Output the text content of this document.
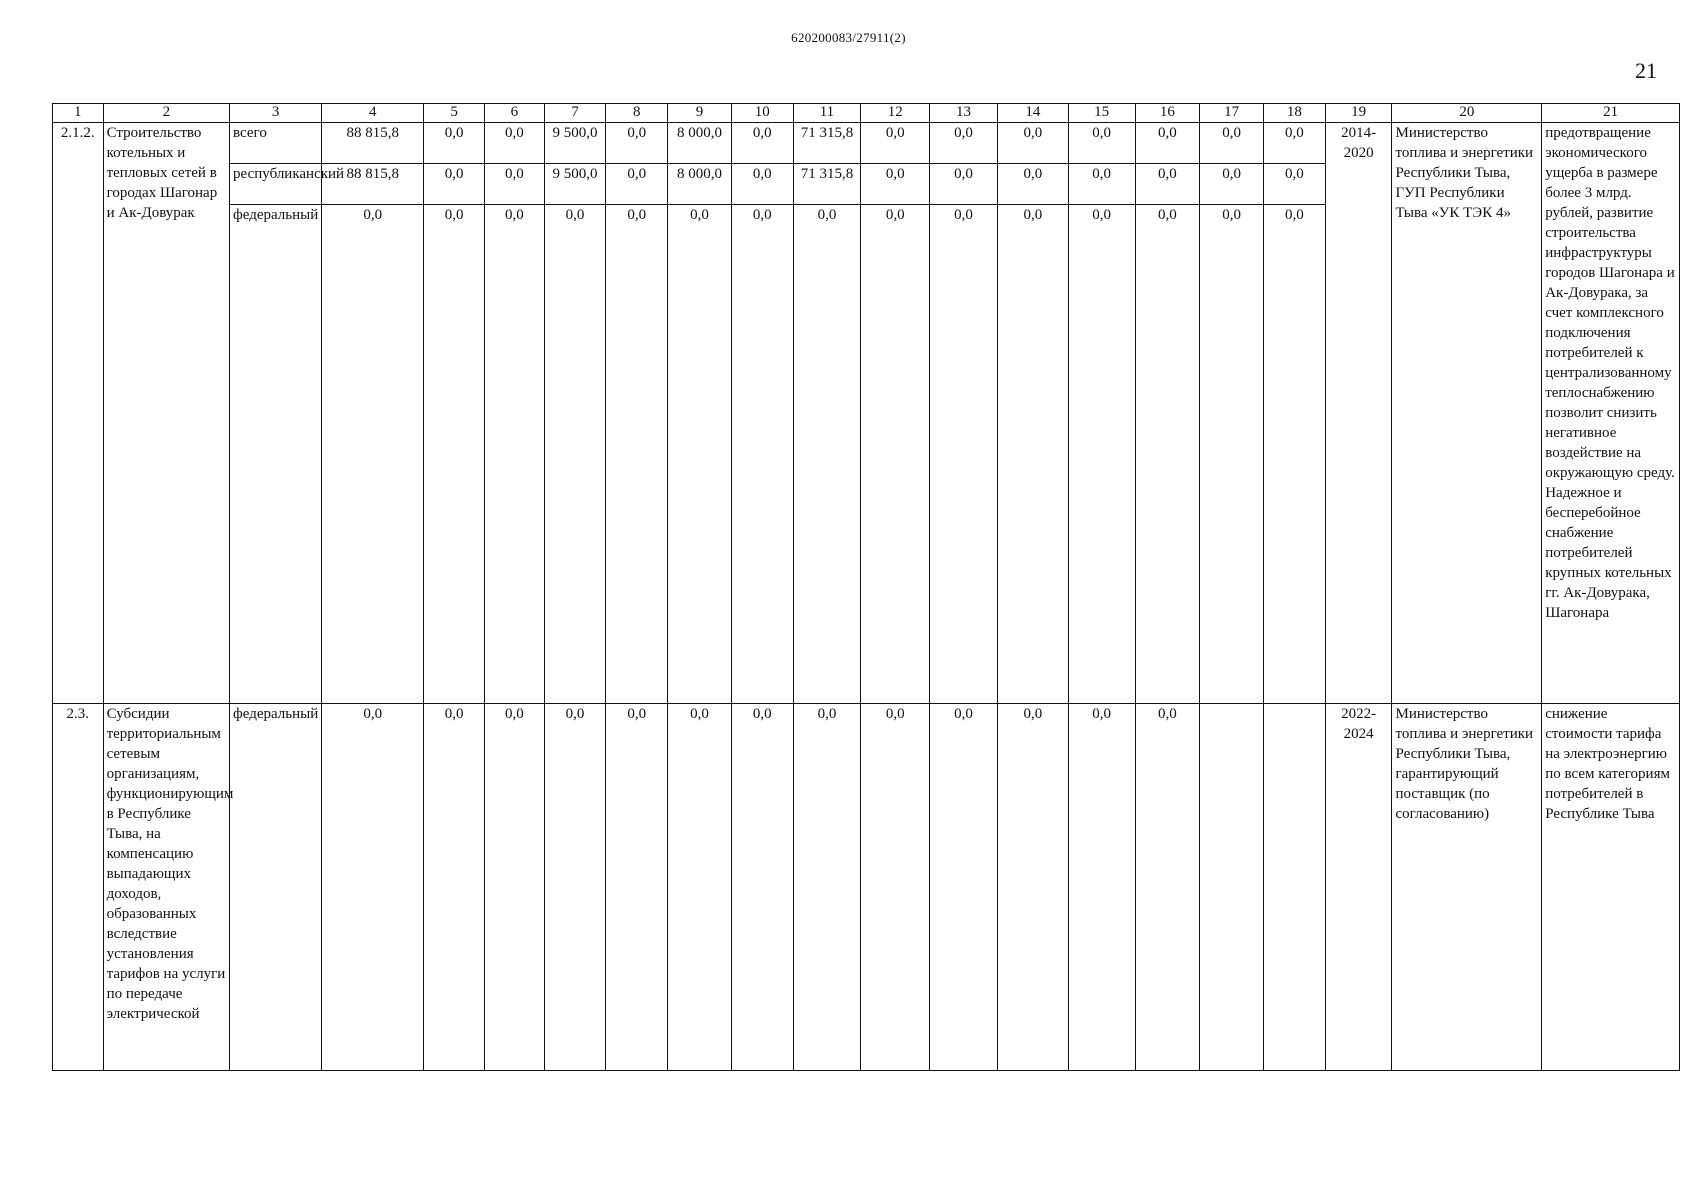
620200083/27911(2)
21
1	2	3	4	5	6	7	8	9	10	11	12	13	14	15	16	17	18	19	20	21
2.1.2.	Строительство котельных и тепловых сетей в городах Шагонар и Ак-Довурак	всего	88 815,8	0,0	0,0	9 500,0	0,0	8 000,0	0,0	71 315,8	0,0	0,0	0,0	0,0	0,0	0,0	0,0	2014-2020	Министерство топлива и энергетики Республики Тыва, ГУП Республики Тыва «УК ТЭК 4»	предотвращение экономического ущерба в размере более 3 млрд. рублей, развитие строительства инфраструктуры городов Шагонара и Ак-Довурака, за счет комплексного подключения потребителей к централизованному теплоснабжению позволит снизить негативное воздействие на окружающую среду. Надежное и бесперебойное снабжение потребителей крупных котельных гг. Ак-Довурака, Шагонара
		республиканский	88 815,8	0,0	0,0	9 500,0	0,0	8 000,0	0,0	71 315,8	0,0	0,0	0,0	0,0	0,0	0,0	0,0			
		федеральный	0,0	0,0	0,0	0,0	0,0	0,0	0,0	0,0	0,0	0,0	0,0	0,0	0,0	0,0	0,0			
2.3.	Субсидии территориальным сетевым организациям, функционирующим в Республике Тыва, на компенсацию выпадающих доходов, образованных вследствие установления тарифов на услуги по передаче электрической	федеральный	0,0	0,0	0,0	0,0	0,0	0,0	0,0	0,0	0,0	0,0	0,0	0,0	0,0			2022-2024	Министерство топлива и энергетики Республики Тыва, гарантирующий поставщик (по согласованию)	снижение стоимости тарифа на электроэнергию по всем категориям потребителей в Республике Тыва
